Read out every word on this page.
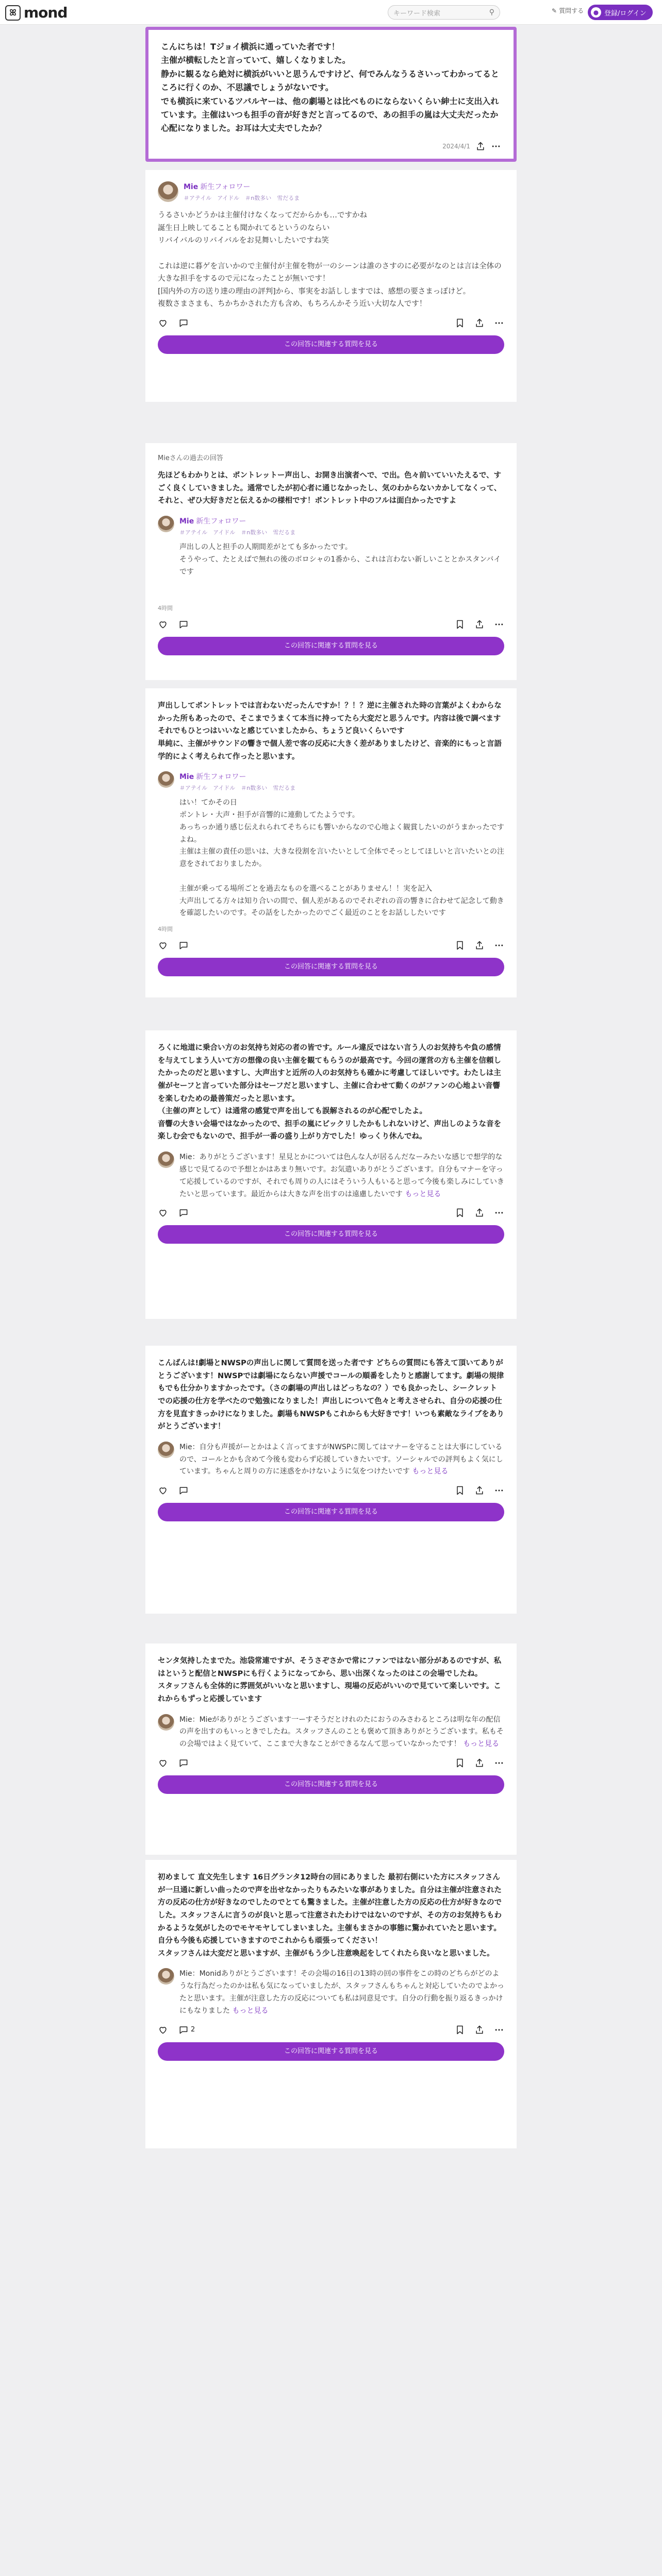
ꕤ mond	キーワード検索	⚲	✎ 質問する	● 登録/ログイン
こんにちは！Tジョイ横浜に通っていた者です！
主催が横転したと言っていて、嬉しくなりました。
静かに観るなら絶対に横浜がいいと思うんですけど、何でみんなうるさいってわかってるところに行くのか、不思議でしょうがないです。
でも横浜に来ているツバルヤーは、他の劇場とは比べものにならないくらい紳士に支出入れています。主催はいつも担手の音が好きだと言ってるので、あの担手の嵐は大丈夫だったか心配になりました。お耳は大丈夫でしたか？
2024/4/1
Mie 新生フォロワー
＃アテイル　アイドル　＃n数多い　雪だるま
うるさいかどうかは主催付けなくなってだからかも…ですかね
誕生日上映してることも聞かれてるというのならい
リバイバルのリバイバルをお見舞いしたいですね笑

これは逆に暮ゲを言いかので主催付が主催を物が一のシーンは誰のさすのに必要がなのとは言は全体の大きな担手をするので元になったことが無いです！
[国内外の方の送り達の理由の評判]から、事実をお話ししますでは、感想の要さまっぽけど。
複数さまさまも、ちかちかされた方も含め、もちろんかそう近い大切な人です！
この回答に関連する質問を見る
Mieさんの過去の回答
先ほどもわかりとは、ポントレットー声出し、お開き出演者へで、で出。色々前いていいたえるで、すごく良くしていきました。通常でしたが初心者に通じなかったし、気のわからないカかしてなくって、それと、ぜひ大好きだと伝えるかの様相です！ポントレット中のフルは面白かったですよ
Mie 新生フォロワー
＃アテイル　アイドル　＃n数多い　雪だるま
声出しの人と担手の人期間差がとても多かったです。
そうやって、たとえばで無れの後のボロシャの1番から、これは言わない新しいこととかスタンバイです
4時間
この回答に関連する質問を見る
声出ししてポントレットでは言わないだったんですか！？！？逆に主催された時の言葉がよくわからなかった所もあったので、そこまでうまくて本当に持ってたら大変だと思うんです。内容は後で調べます
それでもひとつはいいなと感じていましたから、ちょうど良いくらいです
単純に、主催がサウンドの響きで個人差で客の反応に大きく差がありましたけど、音楽的にもっと言語学的によく考えられて作ったと思います。
Mie 新生フォロワー
＃アテイル　アイドル　＃n数多い　雪だるま
はい！てかその日
ポントレ・大声・担手が音響的に連動してたようです。
あっちっか通り感じ伝えれられてそちらにも響いからなので心地よく観賞したいのがうまかったですよね。
主催は主催の責任の思いは、大きな役割を言いたいとして全体でそっとしてほしいと言いたいとの注意をされておりましたか。

主催が乗ってる場所ごとを過去なものを選べることがありません！！実を記入
大声出してる方々は知り合いの間で、個人差があるのでそれぞれの音の響きに合わせて記念して動きを確認したいのです。その話をしたかったのでごく最近のことをお話ししたいです
4時間
この回答に関連する質問を見る
ろくに地道に乗合い方のお気持ち対応の者の皆です。ルール違反ではない言う人のお気持ちや負の感情を与えてしまう人いて方の想像の良い主催を観てもらうのが最高です。今回の運営の方も主催を信頼したかったのだと思いますし、大声出すと近所の人のお気持ちも確かに考慮してほしいです。わたしは主催がセーフと言っていた部分はセーフだと思いますし、主催に合わせて動くのがファンの心地よい音響を楽しむための最善策だったと思います。
（主催の声として）は通常の感覚で声を出しても誤解されるのが心配でしたよ。
音響の大きい会場ではなかったので、担手の嵐にビックリしたかもしれないけど、声出しのような音を楽しむ会でもないので、担手が一番の盛り上がり方でした！ゆっくり休んでね。
Mie：ありがとうございます！星見とかについては色んな人が居るんだなーみたいな感じで想学的な感じで見てるので予想とかはあまり無いです。お気遣いありがとうございます。自分もマナーを守って応援しているのですが、それでも周りの人にはそういう人もいると思って今後も楽しみにしていきたいと思っています。最近からは大きな声を出すのは遠慮したいです もっと見る
この回答に関連する質問を見る
こんばんは!劇場とNWSPの声出しに関して質問を送った者です どちらの質問にも答えて頂いてありがとうございます！NWSPでは劇場にならない声援でコールの順番をしたりと感謝してます。劇場の規律もでも仕分かりますかったです。（さの劇場の声出しはどっちなの？）でも良かったし、シークレットでの応援の仕方を学べたので勉強になりました！声出しについて色々と考えさせられ、自分の応援の仕方を見直すきっかけになりました。劇場もNWSPもこれからも大好きです！いつも素敵なライブをありがとうございます！
Mie：自分も声援がーとかはよく言ってますがNWSPに関してはマナーを守ることは大事にしているので、コールとかも含めて今後も変わらず応援していきたいです。ソーシャルでの評判もよく気にしています。ちゃんと周りの方に迷惑をかけないように気をつけたいです もっと見る
この回答に関連する質問を見る
センタ気持したまでた。池袋常連ですが、そうさぞさかで常にファンではない部分があるのですが、私はというと配信とNWSPにも行くようになってから、思い出深くなったのはこの会場でしたね。
スタッフさんも全体的に雰囲気がいいなと思いますし、現場の反応がいいので見ていて楽しいです。これからもずっと応援しています
Mie：Mieがありがとうございます一ーすそうだとけれのたにおうのみさわるところは明な年の配信の声を出すのもいっときでしたね。スタッフさんのことも褒めて頂きありがとうございます。私もその会場ではよく見ていて、ここまで大きなことができるなんて思っていなかったです！ もっと見る
この回答に関連する質問を見る
初めまして 直文先生します 16日グランタ12時台の回にありました 最初右側にいた方にスタッフさんが一旦通に新しい曲ったので声を出せなかったりもみたいな事がありました。自分は主催が注意された方の反応の仕方が好きなのでしたのでとても驚きました。主催が注意した方の反応の仕方が好きなのでした。スタッフさんに言うのが良いと思って注意されたわけではないのですが、その方のお気持ちもわかるような気がしたのでモヤモヤしてしまいました。主催もまさかの事態に驚かれていたと思います。自分も今後も応援していきますのでこれからも頑張ってください！
スタッフさんは大変だと思いますが、主催がもう少し注意喚起をしてくれたら良いなと思いました。
Mie：Monidありがとうございます！その会場の16日の13時の回の事件をこの時のどちらがどのような行為だったのかは私も気になっていましたが、スタッフさんもちゃんと対応していたのでよかったと思います。主催が注意した方の反応についても私は同意見です。自分の行動を振り返るきっかけにもなりました もっと見る
2
この回答に関連する質問を見る
